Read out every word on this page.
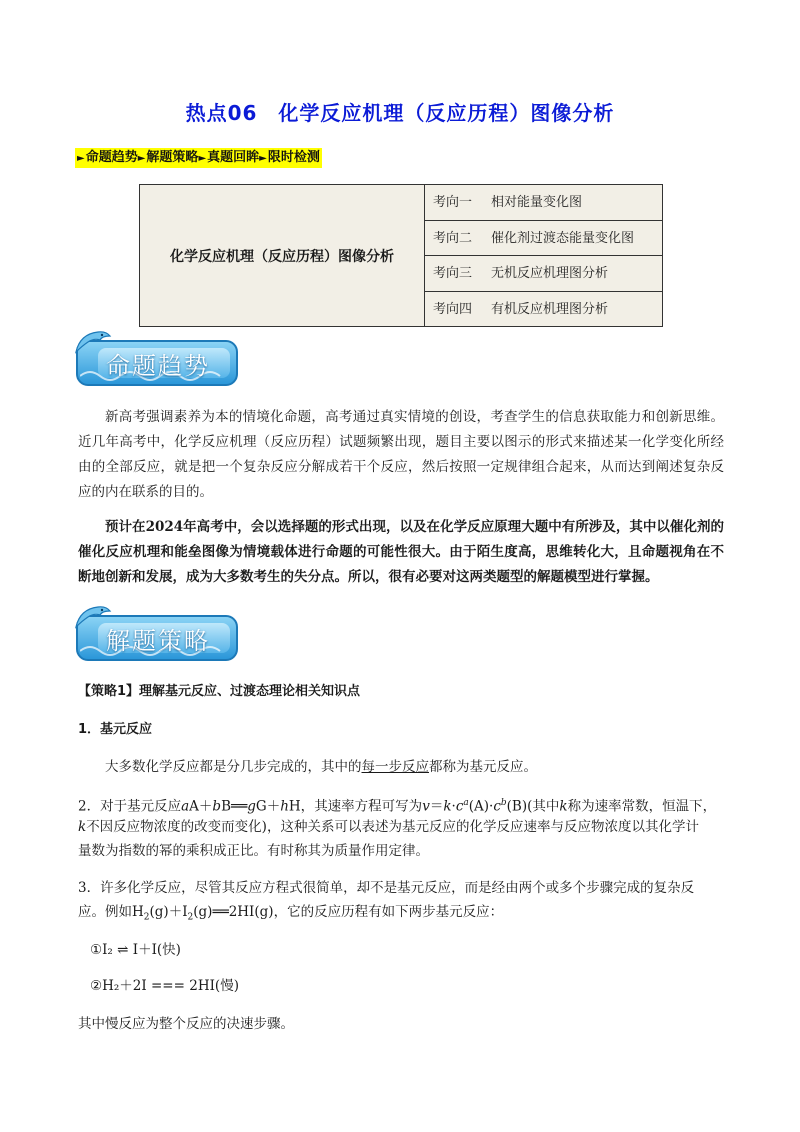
热点06　化学反应机理（反应历程）图像分析
►命题趋势►解题策略►真题回眸►限时检测
化学反应机理（反应历程）图像分析
考向一 相对能量变化图
考向二 催化剂过渡态能量变化图
考向三 无机反应机理图分析
考向四 有机反应机理图分析
命题趋势
新高考强调素养为本的情境化命题，高考通过真实情境的创设，考查学生的信息获取能力和创新思维。近几年高考中，化学反应机理（反应历程）试题频繁出现，题目主要以图示的形式来描述某一化学变化所经由的全部反应，就是把一个复杂反应分解成若干个反应，然后按照一定规律组合起来，从而达到阐述复杂反应的内在联系的目的。
预计在2024年高考中，会以选择题的形式出现，以及在化学反应原理大题中有所涉及，其中以催化剂的催化反应机理和能垒图像为情境载体进行命题的可能性很大。由于陌生度高，思维转化大，且命题视角在不断地创新和发展，成为大多数考生的失分点。所以，很有必要对这两类题型的解题模型进行掌握。
解题策略
【策略1】理解基元反应、过渡态理论相关知识点
1．基元反应
大多数化学反应都是分几步完成的，其中的每一步反应都称为基元反应。
2．对于基元反应aA＋bB══gG＋hH，其速率方程可写为$v=k\cdot c^a(A)\cdot c^b(B)$(其中k称为速率常数，恒温下，
k不因反应物浓度的改变而变化)，这种关系可以表述为基元反应的化学反应速率与反应物浓度以其化学计
量数为指数的幂的乘积成正比。有时称其为质量作用定律。
3．许多化学反应，尽管其反应方程式很简单，却不是基元反应，而是经由两个或多个步骤完成的复杂反
应。例如$H_2(g)+I_2(g)══2HI(g)$，它的反应历程有如下两步基元反应：
①I₂ ⇌ I＋I(快)
②H₂＋2I === 2HI(慢)
其中慢反应为整个反应的决速步骤。
